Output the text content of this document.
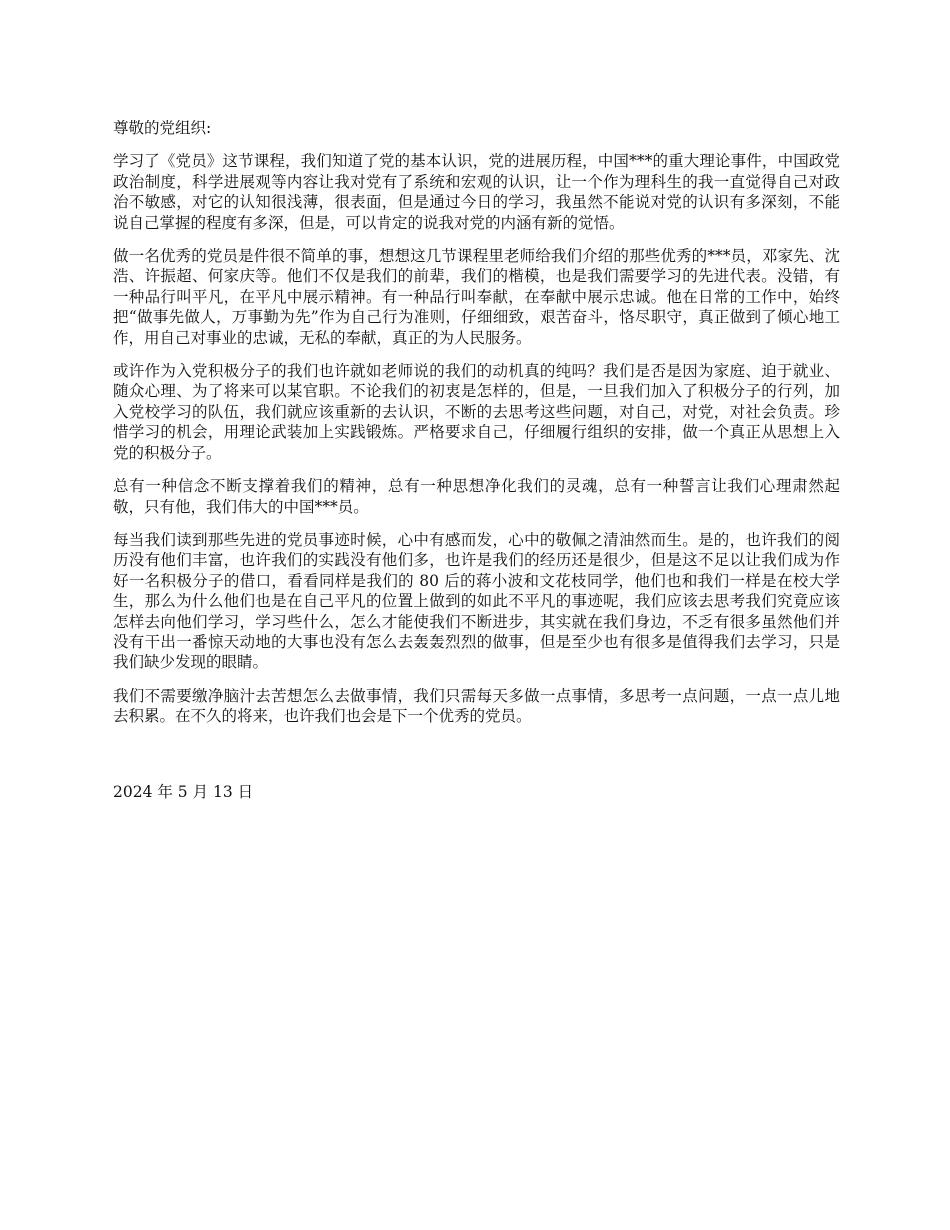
尊敬的党组织:
学习了《党员》这节课程，我们知道了党的基本认识，党的进展历程，中国***的重大理论事件，中国政党政治制度，科学进展观等内容让我对党有了系统和宏观的认识，让一个作为理科生的我一直觉得自己对政治不敏感，对它的认知很浅薄，很表面，但是通过今日的学习，我虽然不能说对党的认识有多深刻，不能说自己掌握的程度有多深，但是，可以肯定的说我对党的内涵有新的觉悟。
做一名优秀的党员是件很不简单的事，想想这几节课程里老师给我们介绍的那些优秀的***员，邓家先、沈浩、许振超、何家庆等。他们不仅是我们的前辈，我们的楷模，也是我们需要学习的先进代表。没错，有一种品行叫平凡，在平凡中展示精神。有一种品行叫奉献，在奉献中展示忠诚。他在日常的工作中，始终把“做事先做人，万事勤为先”作为自己行为准则，仔细细致，艰苦奋斗，恪尽职守，真正做到了倾心地工作，用自己对事业的忠诚，无私的奉献，真正的为人民服务。
或许作为入党积极分子的我们也许就如老师说的我们的动机真的纯吗？我们是否是因为家庭、迫于就业、随众心理、为了将来可以某官职。不论我们的初衷是怎样的，但是，一旦我们加入了积极分子的行列，加入党校学习的队伍，我们就应该重新的去认识，不断的去思考这些问题，对自己，对党，对社会负责。珍惜学习的机会，用理论武装加上实践锻炼。严格要求自己，仔细履行组织的安排，做一个真正从思想上入党的积极分子。
总有一种信念不断支撑着我们的精神，总有一种思想净化我们的灵魂，总有一种誓言让我们心理肃然起敬，只有他，我们伟大的中国***员。
每当我们读到那些先进的党员事迹时候，心中有感而发，心中的敬佩之清油然而生。是的，也许我们的阅历没有他们丰富，也许我们的实践没有他们多，也许是我们的经历还是很少，但是这不足以让我们成为作好一名积极分子的借口，看看同样是我们的 80 后的蒋小波和文花枝同学，他们也和我们一样是在校大学生，那么为什么他们也是在自己平凡的位置上做到的如此不平凡的事迹呢，我们应该去思考我们究竟应该怎样去向他们学习，学习些什么，怎么才能使我们不断进步，其实就在我们身边，不乏有很多虽然他们并没有干出一番惊天动地的大事也没有怎么去轰轰烈烈的做事，但是至少也有很多是值得我们去学习，只是我们缺少发现的眼睛。
我们不需要缴净脑汁去苦想怎么去做事情，我们只需每天多做一点事情，多思考一点问题，一点一点儿地去积累。在不久的将来，也许我们也会是下一个优秀的党员。
2024 年 5 月 13 日
